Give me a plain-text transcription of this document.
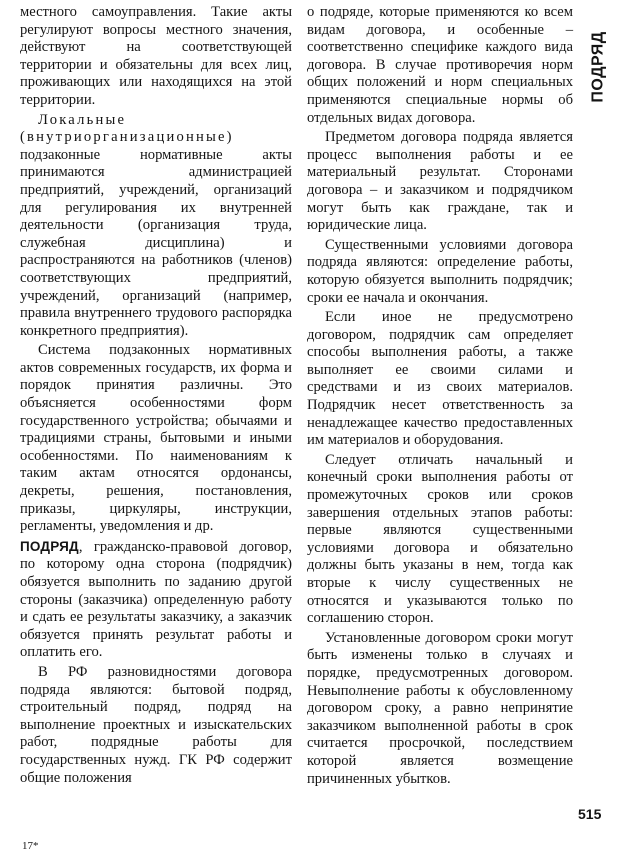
местного самоуправления. Такие акты регулируют вопросы местного значения, действуют на соответствующей территории и обязательны для всех лиц, проживающих или находящихся на этой территории.

Локальные (внутриорганизационные) подзаконные нормативные акты принимаются администрацией предприятий, учреждений, организаций для регулирования их внутренней деятельности (организация труда, служебная дисциплина) и распространяются на работников (членов) соответствующих предприятий, учреждений, организаций (например, правила внутреннего трудового распорядка конкретного предприятия).

Система подзаконных нормативных актов современных государств, их форма и порядок принятия различны. Это объясняется особенностями форм государственного устройства; обычаями и традициями страны, бытовыми и иными особенностями. По наименованиям к таким актам относятся ордонансы, декреты, решения, постановления, приказы, циркуляры, инструкции, регламенты, уведомления и др.

ПОДРЯД, гражданско-правовой договор, по которому одна сторона (подрядчик) обязуется выполнить по заданию другой стороны (заказчика) определенную работу и сдать ее результаты заказчику, а заказчик обязуется принять результат работы и оплатить его.

В РФ разновидностями договора подряда являются: бытовой подряд, строительный подряд, подряд на выполнение проектных и изыскательских работ, подрядные работы для государственных нужд. ГК РФ содержит общие положения

о подряде, которые применяются ко всем видам договора, и особенные – соответственно специфике каждого вида договора. В случае противоречия норм общих положений и норм специальных применяются специальные нормы об отдельных видах договора.

Предметом договора подряда является процесс выполнения работы и ее материальный результат. Сторонами договора – и заказчиком и подрядчиком могут быть как граждане, так и юридические лица.

Существенными условиями договора подряда являются: определение работы, которую обязуется выполнить подрядчик; сроки ее начала и окончания.

Если иное не предусмотрено договором, подрядчик сам определяет способы выполнения работы, а также выполняет ее своими силами и средствами и из своих материалов. Подрядчик несет ответственность за ненадлежащее качество предоставленных им материалов и оборудования.

Следует отличать начальный и конечный сроки выполнения работы от промежуточных сроков или сроков завершения отдельных этапов работы: первые являются существенными условиями договора и обязательно должны быть указаны в нем, тогда как вторые к числу существенных не относятся и указываются только по соглашению сторон.

Установленные договором сроки могут быть изменены только в случаях и порядке, предусмотренных договором. Невыполнение работы к обусловленному договором сроку, а равно непринятие заказчиком выполненной работы в срок считается просрочкой, последствием которой является возмещение причиненных убытков.

ПОДРЯД
515
17*
